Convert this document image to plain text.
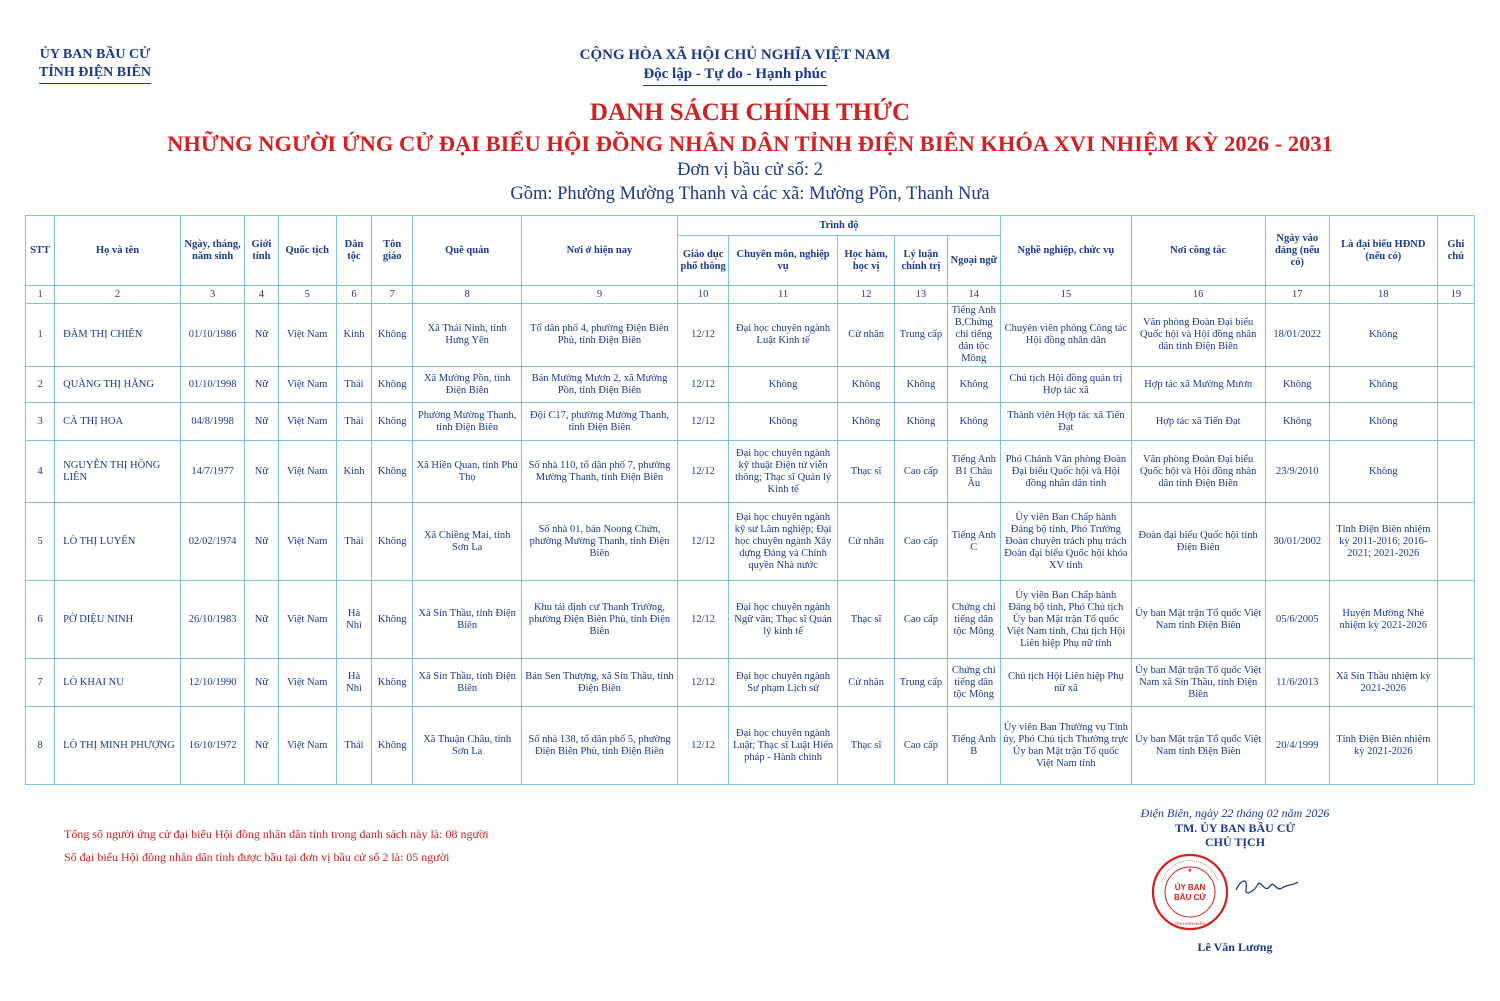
ỦY BAN BẦU CỬ
TỈNH ĐIỆN BIÊN
CỘNG HÒA XÃ HỘI CHỦ NGHĨA VIỆT NAM
Độc lập - Tự do - Hạnh phúc
DANH SÁCH CHÍNH THỨC
NHỮNG NGƯỜI ỨNG CỬ ĐẠI BIỂU HỘI ĐỒNG NHÂN DÂN TỈNH ĐIỆN BIÊN KHÓA XVI NHIỆM KỲ 2026 - 2031
Đơn vị bầu cử số: 2
Gồm: Phường Mường Thanh và các xã: Mường Pồn, Thanh Nưa
STT	Họ và tên	Ngày, tháng, năm sinh	Giới tính	Quốc tịch	Dân tộc	Tôn giáo	Quê quán	Nơi ở hiện nay	Trình độ					Nghề nghiệp, chức vụ	Nơi công tác	Ngày vào đảng (nếu có)	Là đại biểu HĐND (nếu có)	Ghi chú
									Giáo dục phổ thông	Chuyên môn, nghiệp vụ	Học hàm, học vị	Lý luận chính trị	Ngoại ngữ					
1	2	3	4	5	6	7	8	9	10	11	12	13	14	15	16	17	18	19
1	ĐÀM THỊ CHIÊN	01/10/1986	Nữ	Việt Nam	Kinh	Không	Xã Thái Ninh, tỉnh Hưng Yên	Tổ dân phố 4, phường Điện Biên Phủ, tỉnh Điện Biên	12/12	Đại học chuyên ngành Luật Kinh tế	Cử nhân	Trung cấp	Tiếng Anh B,Chứng chỉ tiếng dân tộc Mông	Chuyên viên phòng Công tác Hội đồng nhân dân	Văn phòng Đoàn Đại biểu Quốc hội và Hội đồng nhân dân tỉnh Điện Biên	18/01/2022	Không	
2	QUÀNG THỊ HẰNG	01/10/1998	Nữ	Việt Nam	Thái	Không	Xã Mường Pồn, tỉnh Điện Biên	Bản Mường Mươn 2, xã Mường Pồn, tỉnh Điện Biên	12/12	Không	Không	Không	Không	Chủ tịch Hội đồng quản trị Hợp tác xã	Hợp tác xã Mường Mươn	Không	Không	
3	CÀ THỊ HOA	04/8/1998	Nữ	Việt Nam	Thái	Không	Phường Mường Thanh, tỉnh Điện Biên	Đội C17, phường Mường Thanh, tỉnh Điện Biên	12/12	Không	Không	Không	Không	Thành viên Hợp tác xã Tiến Đạt	Hợp tác xã Tiến Đạt	Không	Không	
4	NGUYỄN THỊ HỒNG LIÊN	14/7/1977	Nữ	Việt Nam	Kinh	Không	Xã Hiền Quan, tỉnh Phú Thọ	Số nhà 110, tổ dân phố 7, phường Mường Thanh, tỉnh Điện Biên	12/12	Đại học chuyên ngành kỹ thuật Điện tử viễn thông; Thạc sĩ Quản lý Kinh tế	Thạc sĩ	Cao cấp	Tiếng Anh B1 Châu Âu	Phó Chánh Văn phòng Đoàn Đại biểu Quốc hội và Hội đồng nhân dân tỉnh	Văn phòng Đoàn Đại biểu Quốc hội và Hội đồng nhân dân tỉnh Điện Biên	23/9/2010	Không	
5	LÒ THỊ LUYẾN	02/02/1974	Nữ	Việt Nam	Thái	Không	Xã Chiềng Mai, tỉnh Sơn La	Số nhà 01, bản Noong Chứn, phường Mường Thanh, tỉnh Điện Biên	12/12	Đại học chuyên ngành kỹ sư Lâm nghiệp; Đại học chuyên ngành Xây dựng Đảng và Chính quyền Nhà nước	Cử nhân	Cao cấp	Tiếng Anh C	Ủy viên Ban Chấp hành Đảng bộ tỉnh, Phó Trưởng Đoàn chuyên trách phụ trách Đoàn đại biểu Quốc hội khóa XV tỉnh	Đoàn đại biểu Quốc hội tỉnh Điện Biên	30/01/2002	Tỉnh Điện Biên nhiệm kỳ 2011-2016; 2016-2021; 2021-2026	
6	PỜ DIỆU NINH	26/10/1983	Nữ	Việt Nam	Hà Nhì	Không	Xã Sín Thầu, tỉnh Điện Biên	Khu tái định cư Thanh Trường, phường Điện Biên Phủ, tỉnh Điện Biên	12/12	Đại học chuyên ngành Ngữ văn; Thạc sĩ Quản lý kinh tế	Thạc sĩ	Cao cấp	Chứng chỉ tiếng dân tộc Mông	Ủy viên Ban Chấp hành Đảng bộ tỉnh, Phó Chủ tịch Ủy ban Mặt trận Tổ quốc Việt Nam tỉnh, Chủ tịch Hội Liên hiệp Phụ nữ tỉnh	Ủy ban Mặt trận Tổ quốc Việt Nam tỉnh Điện Biên	05/6/2005	Huyện Mường Nhé nhiệm kỳ 2021-2026	
7	LÒ KHAI NU	12/10/1990	Nữ	Việt Nam	Hà Nhì	Không	Xã Sín Thầu, tỉnh Điện Biên	Bản Sen Thượng, xã Sín Thầu, tỉnh Điện Biên	12/12	Đại học chuyên ngành Sư phạm Lịch sử	Cử nhân	Trung cấp	Chứng chỉ tiếng dân tộc Mông	Chủ tịch Hội Liên hiệp Phụ nữ xã	Ủy ban Mặt trận Tổ quốc Việt Nam xã Sín Thầu, tỉnh Điện Biên	11/6/2013	Xã Sín Thầu nhiệm kỳ 2021-2026	
8	LÒ THỊ MINH PHƯỢNG	16/10/1972	Nữ	Việt Nam	Thái	Không	Xã Thuận Châu, tỉnh Sơn La	Số nhà 138, tổ dân phố 5, phường Điện Biên Phủ, tỉnh Điện Biên	12/12	Đại học chuyên ngành Luật; Thạc sĩ Luật Hiến pháp - Hành chính	Thạc sĩ	Cao cấp	Tiếng Anh B	Ủy viên Ban Thường vụ Tỉnh ủy, Phó Chủ tịch Thường trực Ủy ban Mặt trận Tổ quốc Việt Nam tỉnh	Ủy ban Mặt trận Tổ quốc Việt Nam tỉnh Điện Biên	20/4/1999	Tỉnh Điện Biên nhiệm kỳ 2021-2026	
Tổng số người ứng cử đại biểu Hội đồng nhân dân tỉnh trong danh sách này là: 08 người
Số đại biểu Hội đồng nhân dân tỉnh được bầu tại đơn vị bầu cử số 2 là: 05 người
Điện Biên, ngày 22 tháng 02 năm 2026
TM. ỦY BAN BẦU CỬ
CHỦ TỊCH
★
TỈNH ĐIỆN BIÊN
ỦY BAN
BẦU CỬ
Lê Văn Lương
